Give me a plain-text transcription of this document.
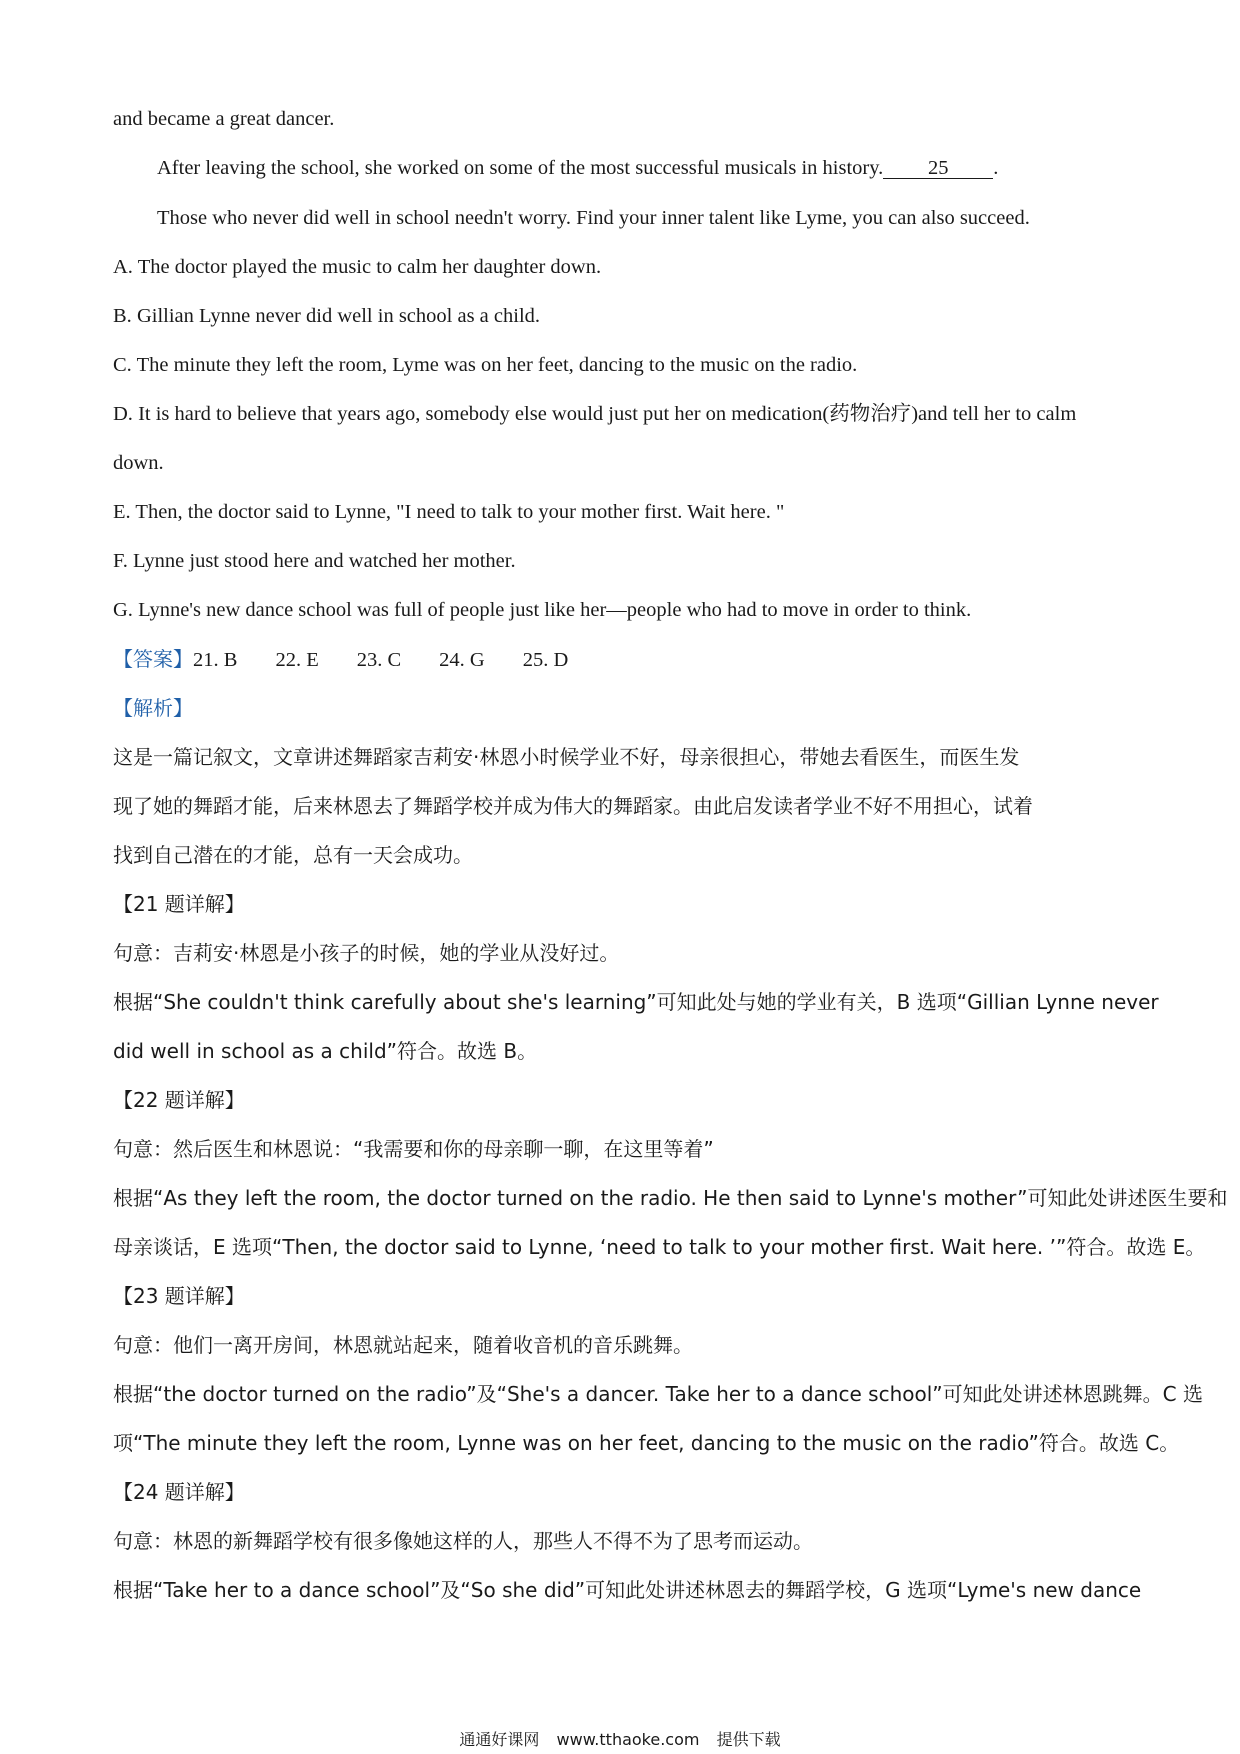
and became a great dancer.
After leaving the school, she worked on some of the most successful musicals in history. 25 .
Those who never did well in school needn't worry. Find your inner talent like Lyme, you can also succeed.
A. The doctor played the music to calm her daughter down.
B. Gillian Lynne never did well in school as a child.
C. The minute they left the room, Lyme was on her feet, dancing to the music on the radio.
D. It is hard to believe that years ago, somebody else would just put her on medication(药物治疗)and tell her to calm
down.
E. Then, the doctor said to Lynne, "I need to talk to your mother first. Wait here. "
F. Lynne just stood here and watched her mother.
G. Lynne's new dance school was full of people just like her—people who had to move in order to think.
【答案】21. B 22. E 23. C 24. G 25. D
【解析】
这是一篇记叙文，文章讲述舞蹈家吉莉安·林恩小时候学业不好，母亲很担心，带她去看医生，而医生发
现了她的舞蹈才能，后来林恩去了舞蹈学校并成为伟大的舞蹈家。由此启发读者学业不好不用担心，试着
找到自己潜在的才能，总有一天会成功。
【21 题详解】
句意：吉莉安·林恩是小孩子的时候，她的学业从没好过。
根据“She couldn't think carefully about she's learning”可知此处与她的学业有关，B 选项“Gillian Lynne never
did well in school as a child”符合。故选 B。
【22 题详解】
句意：然后医生和林恩说：“我需要和你的母亲聊一聊，在这里等着”
根据“As they left the room, the doctor turned on the radio. He then said to Lynne's mother”可知此处讲述医生要和
母亲谈话，E 选项“Then, the doctor said to Lynne, ‘need to talk to your mother first. Wait here. ’”符合。故选 E。
【23 题详解】
句意：他们一离开房间，林恩就站起来，随着收音机的音乐跳舞。
根据“the doctor turned on the radio”及“She's a dancer. Take her to a dance school”可知此处讲述林恩跳舞。C 选
项“The minute they left the room, Lynne was on her feet, dancing to the music on the radio”符合。故选 C。
【24 题详解】
句意：林恩的新舞蹈学校有很多像她这样的人，那些人不得不为了思考而运动。
根据“Take her to a dance school”及“So she did”可知此处讲述林恩去的舞蹈学校，G 选项“Lyme's new dance
通通好课网 www.tthaoke.com 提供下载
